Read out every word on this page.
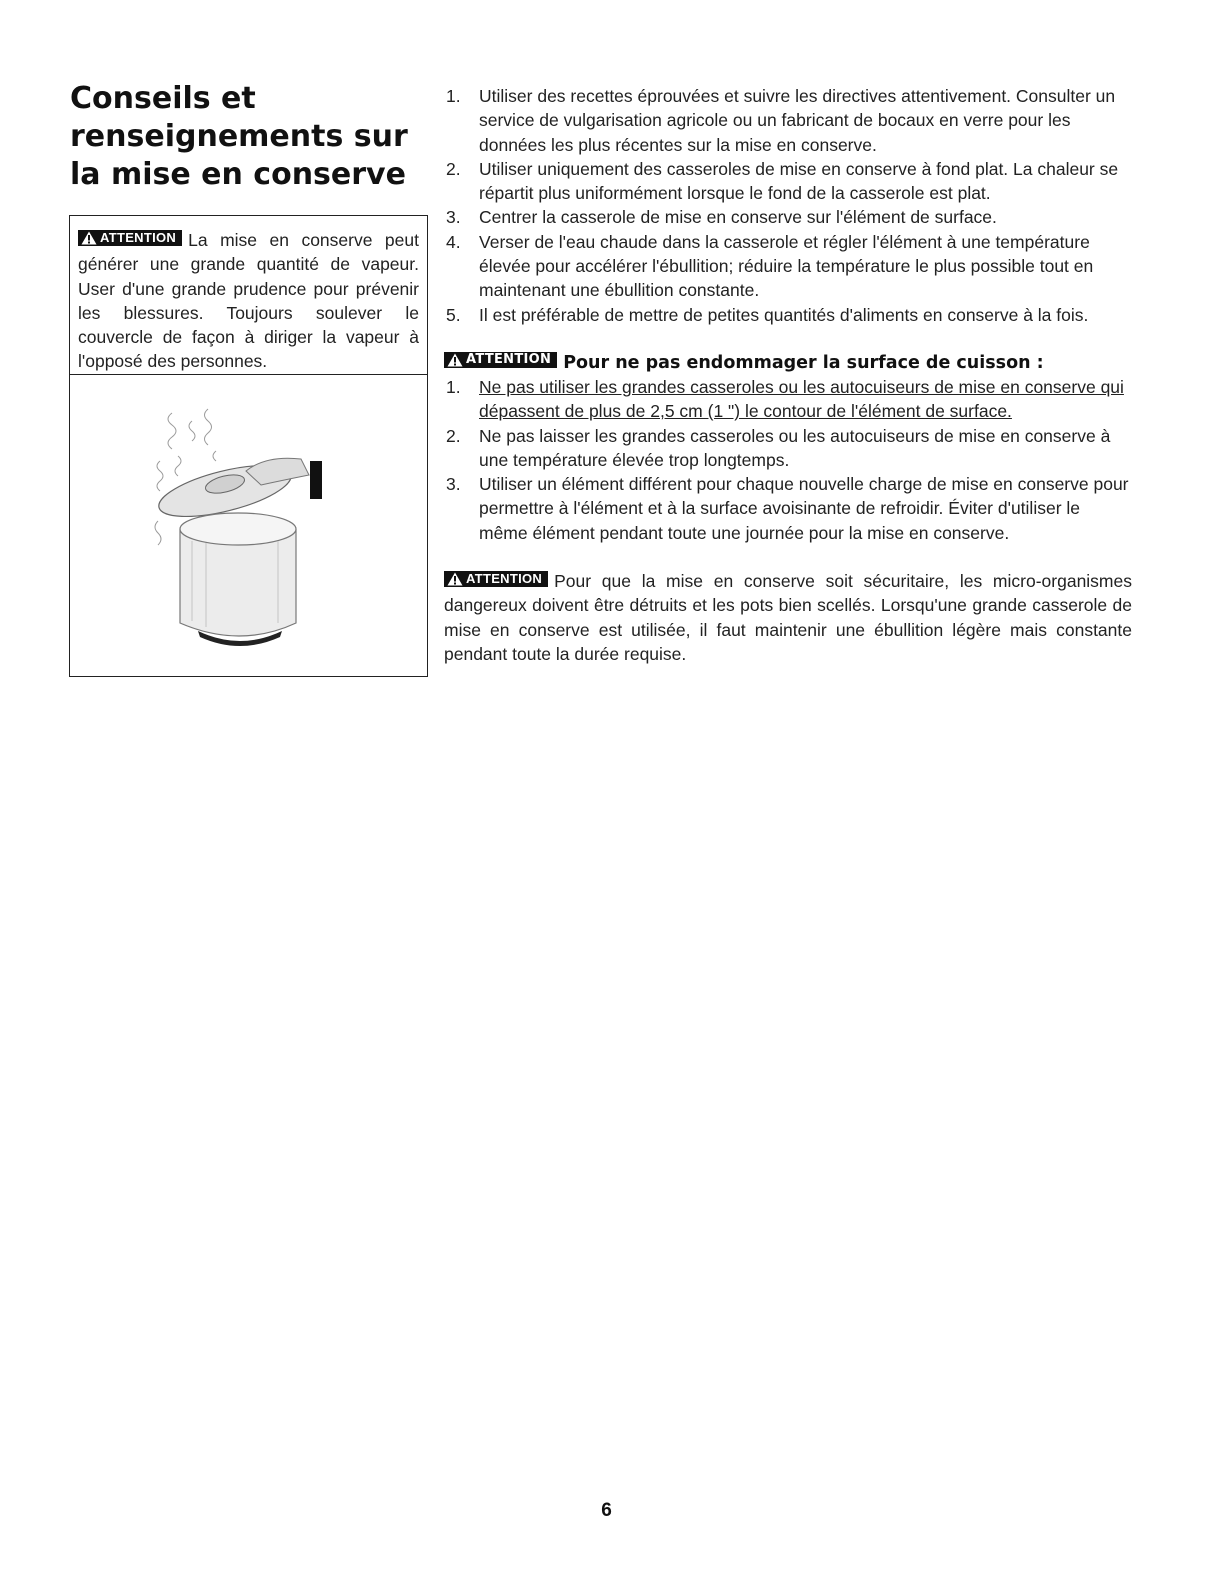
Conseils et renseignements sur la mise en conserve
ATTENTION La mise en conserve peut générer une grande quantité de vapeur. User d'une grande prudence pour prévenir les blessures. Toujours soulever le couvercle de façon à diriger la vapeur à l'opposé des personnes.
1.	Utiliser des recettes éprouvées et suivre les directives attentivement. Consulter un service de vulgarisation agricole ou un fabricant de bocaux en verre pour les données les plus récentes sur la mise en conserve.
2.	Utiliser uniquement des casseroles de mise en conserve à fond plat. La chaleur se répartit plus uniformément lorsque le fond de la casserole est plat.
3.	Centrer la casserole de mise en conserve sur l'élément de surface.
4.	Verser de l'eau chaude dans la casserole et régler l'élément à une température élevée pour accélérer l'ébullition; réduire la température le plus possible tout en maintenant une ébullition constante.
5.	Il est préférable de mettre de petites quantités d'aliments en conserve à la fois.
ATTENTION Pour ne pas endommager la surface de cuisson :
1.	Ne pas utiliser les grandes casseroles ou les autocuiseurs de mise en conserve qui dépassent de plus de 2,5 cm (1 ") le contour de l'élément de surface.
2.	Ne pas laisser les grandes casseroles ou les autocuiseurs de mise en conserve à une température élevée trop longtemps.
3.	Utiliser un élément différent pour chaque nouvelle charge de mise en conserve pour permettre à l'élément et à la surface avoisinante de refroidir. Éviter d'utiliser le même élément pendant toute une journée pour la mise en conserve.
ATTENTION Pour que la mise en conserve soit sécuritaire, les micro-organismes dangereux doivent être détruits et les pots bien scellés. Lorsqu'une grande casserole de mise en conserve est utilisée, il faut maintenir une ébullition légère mais constante pendant toute la durée requise.
6
